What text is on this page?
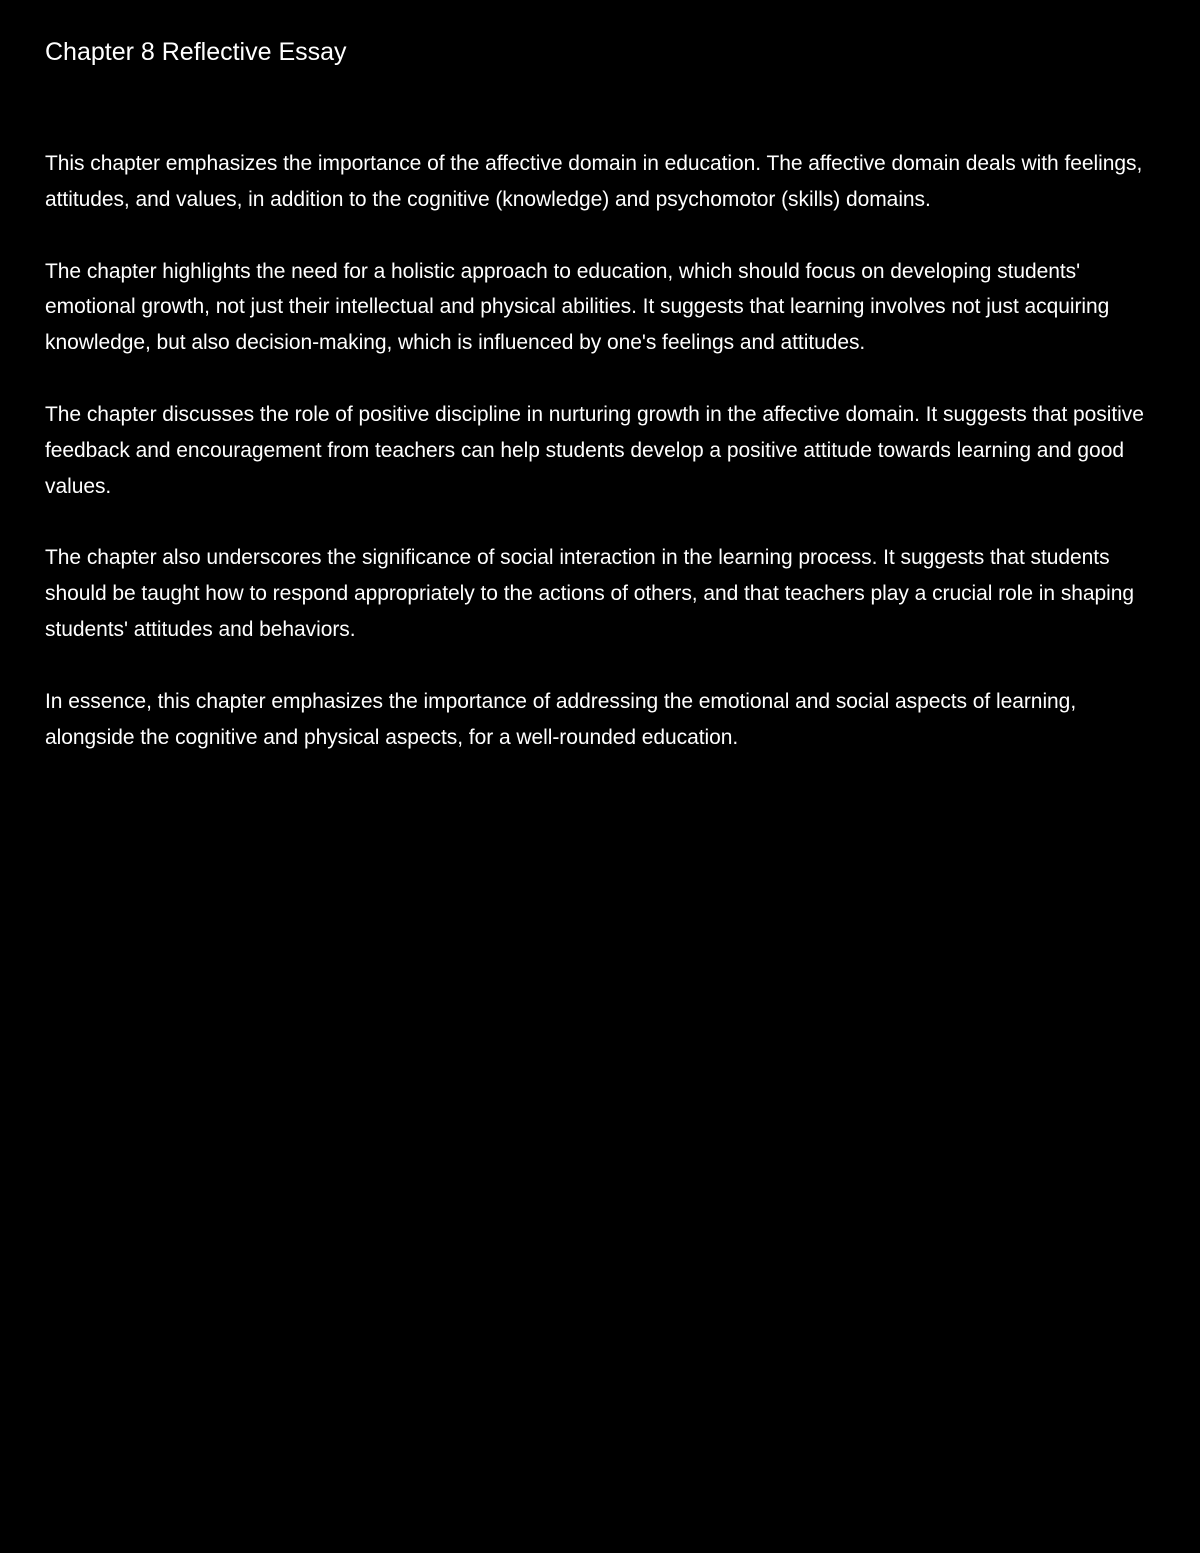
Chapter 8 Reflective Essay

This chapter emphasizes the importance of the affective domain in education. The affective domain deals with feelings, attitudes, and values, in addition to the cognitive (knowledge) and psychomotor (skills) domains.

The chapter highlights the need for a holistic approach to education, which should focus on developing students' emotional growth, not just their intellectual and physical abilities. It suggests that learning involves not just acquiring knowledge, but also decision-making, which is influenced by one's feelings and attitudes.

The chapter discusses the role of positive discipline in nurturing growth in the affective domain. It suggests that positive feedback and encouragement from teachers can help students develop a positive attitude towards learning and good values.

The chapter also underscores the significance of social interaction in the learning process. It suggests that students should be taught how to respond appropriately to the actions of others, and that teachers play a crucial role in shaping students' attitudes and behaviors.

In essence, this chapter emphasizes the importance of addressing the emotional and social aspects of learning, alongside the cognitive and physical aspects, for a well-rounded education.
